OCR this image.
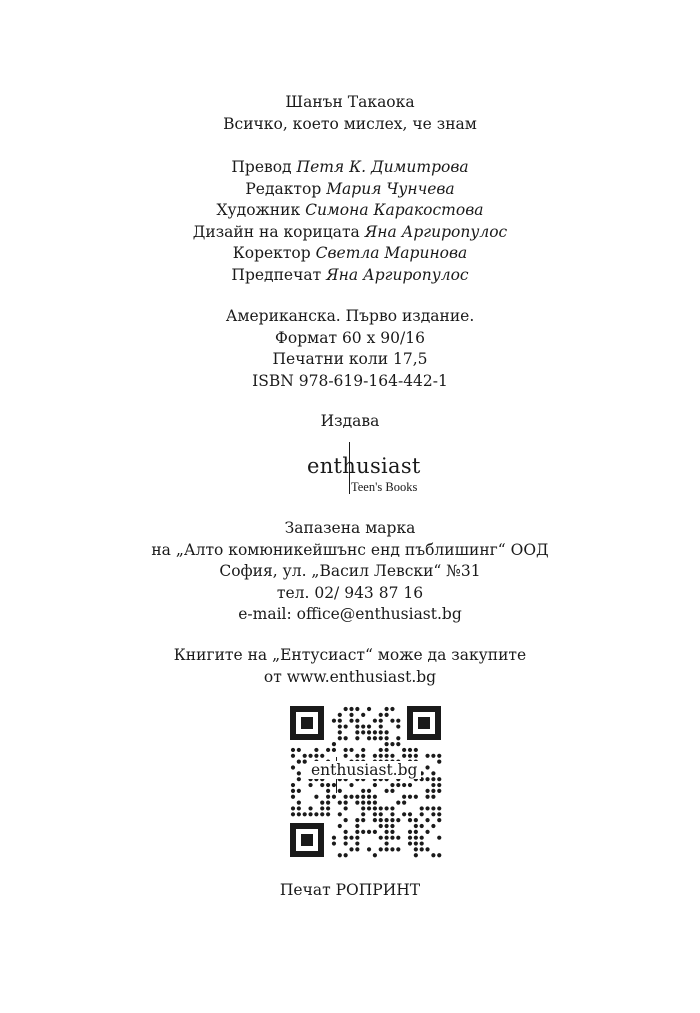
Шанън Такаока
Всичко, което мислех, че знам
Превод Петя К. Димитрова
Редактор Мария Чунчева
Художник Симона Каракостова
Дизайн на корицата Яна Аргиропулос
Коректор Светла Маринова
Предпечат Яна Аргиропулос
Американска. Първо издание.
Формат 60 х 90/16
Печатни коли 17,5
ISBN 978-619-164-442-1
Издава
enthusiast
Teen's Books
Запазена марка
на „Алто комюникейшънс енд пъблишинг“ ООД
София, ул. „Васил Левски“ №31
тел. 02/ 943 87 16
e-mail: office@enthusiast.bg
Книгите на „Ентусиаст“ може да закупите
от www.enthusiast.bg
enthusiast.bg
Печат РОПРИНТ
